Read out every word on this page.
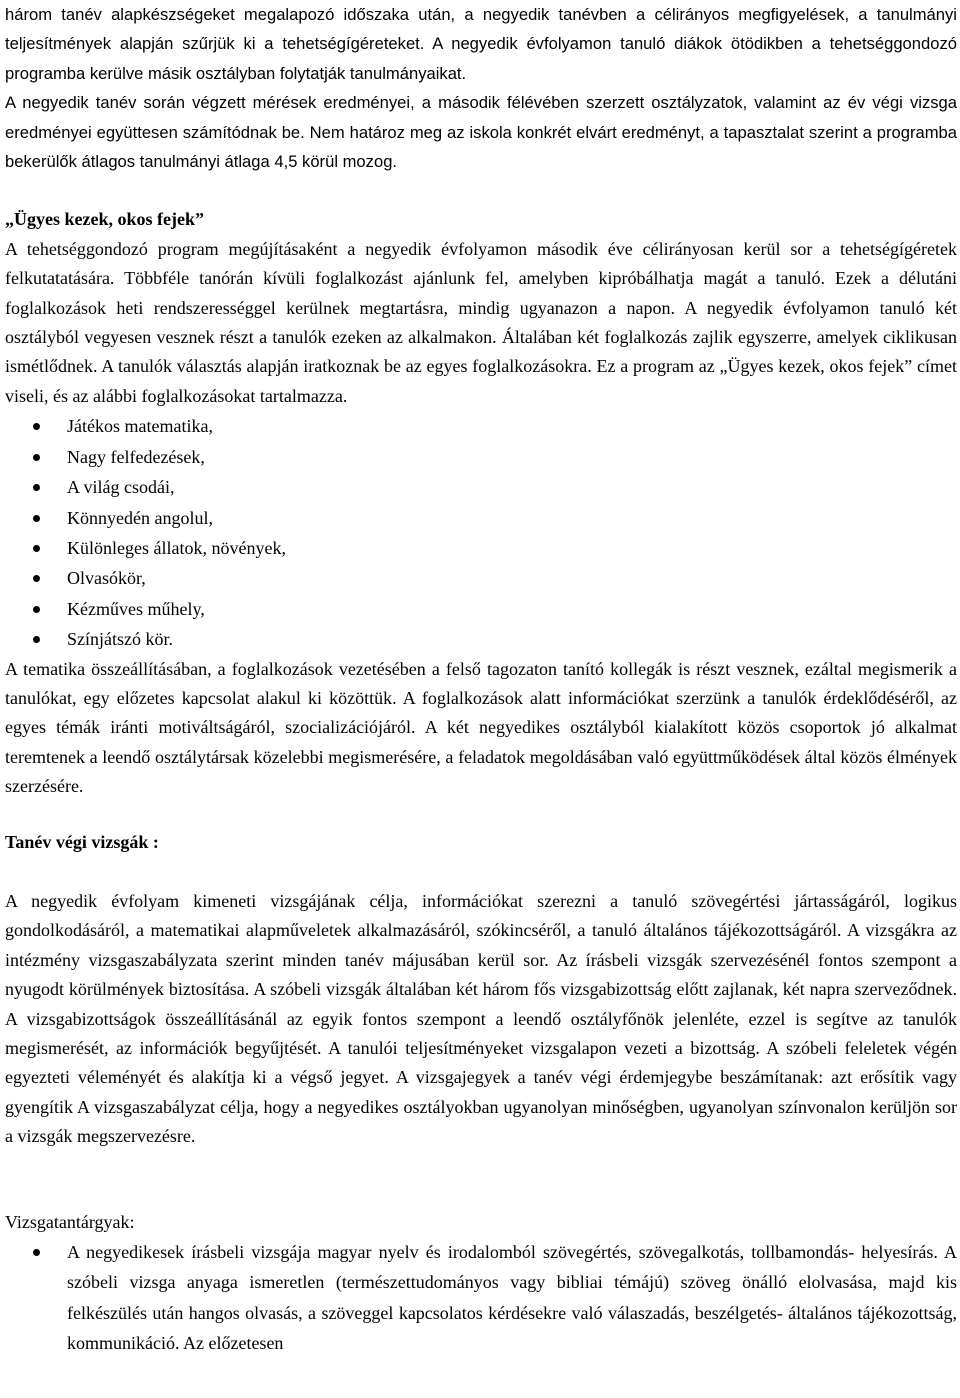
három tanév alapkészségeket megalapozó időszaka után, a negyedik tanévben a célirányos megfigyelések, a tanulmányi teljesítmények alapján szűrjük ki a tehetségígéreteket. A negyedik évfolyamon tanuló diákok ötödikben a tehetséggondozó programba kerülve másik osztályban folytatják tanulmányaikat.

A negyedik tanév során végzett mérések eredményei, a második félévében szerzett osztályzatok, valamint az év végi vizsga eredményei együttesen számítódnak be. Nem határoz meg az iskola konkrét elvárt eredményt, a tapasztalat szerint a programba bekerülők átlagos tanulmányi átlaga 4,5 körül mozog.

„Ügyes kezek, okos fejek”

A tehetséggondozó program megújításaként a negyedik évfolyamon második éve célirányosan kerül sor a tehetségígéretek felkutatatására. Többféle tanórán kívüli foglalkozást ajánlunk fel, amelyben kipróbálhatja magát a tanuló. Ezek a délutáni foglalkozások heti rendszerességgel kerülnek megtartásra, mindig ugyanazon a napon. A negyedik évfolyamon tanuló két osztályból vegyesen vesznek részt a tanulók ezeken az alkalmakon. Általában két foglalkozás zajlik egyszerre, amelyek ciklikusan ismétlődnek. A tanulók választás alapján iratkoznak be az egyes foglalkozásokra. Ez a program az „Ügyes kezek, okos fejek” címet viseli, és az alábbi foglalkozásokat tartalmazza.

Játékos matematika,
Nagy felfedezések,
A világ csodái,
Könnyedén angolul,
Különleges állatok, növények,
Olvasókör,
Kézműves műhely,
Színjátszó kör.

A tematika összeállításában, a foglalkozások vezetésében a felső tagozaton tanító kollegák is részt vesznek, ezáltal megismerik a tanulókat, egy előzetes kapcsolat alakul ki közöttük. A foglalkozások alatt információkat szerzünk a tanulók érdeklődéséről, az egyes témák iránti motiváltságáról, szocializációjáról. A két negyedikes osztályból kialakított közös csoportok jó alkalmat teremtenek a leendő osztálytársak közelebbi megismerésére, a feladatok megoldásában való együttműködések által közös élmények szerzésére.

Tanév végi vizsgák :

A negyedik évfolyam kimeneti vizsgájának célja, információkat szerezni a tanuló szövegértési jártasságáról, logikus gondolkodásáról, a matematikai alapműveletek alkalmazásáról, szókincséről, a tanuló általános tájékozottságáról. A vizsgákra az intézmény vizsgaszabályzata szerint minden tanév májusában kerül sor. Az írásbeli vizsgák szervezésénél fontos szempont a nyugodt körülmények biztosítása. A szóbeli vizsgák általában két három fős vizsgabizottság előtt zajlanak, két napra szerveződnek. A vizsgabizottságok összeállításánál az egyik fontos szempont a leendő osztályfőnök jelenléte, ezzel is segítve az tanulók megismerését, az információk begyűjtését. A tanulói teljesítményeket vizsgalapon vezeti a bizottság. A szóbeli feleletek végén egyezteti véleményét és alakítja ki a végső jegyet. A vizsgajegyek a tanév végi érdemjegybe beszámítanak: azt erősítik vagy gyengítik A vizsgaszabályzat célja, hogy a negyedikes osztályokban ugyanolyan minőségben, ugyanolyan színvonalon kerüljön sor a vizsgák megszervezésre.

Vizsgatantárgyak:

A negyedikesek írásbeli vizsgája magyar nyelv és irodalomból szövegértés, szövegalkotás, tollbamondás- helyesírás. A szóbeli vizsga anyaga ismeretlen (természettudományos vagy bibliai témájú) szöveg önálló elolvasása, majd kis felkészülés után hangos olvasás, a szöveggel kapcsolatos kérdésekre való válaszadás, beszélgetés- általános tájékozottság, kommunikáció. Az előzetesen
